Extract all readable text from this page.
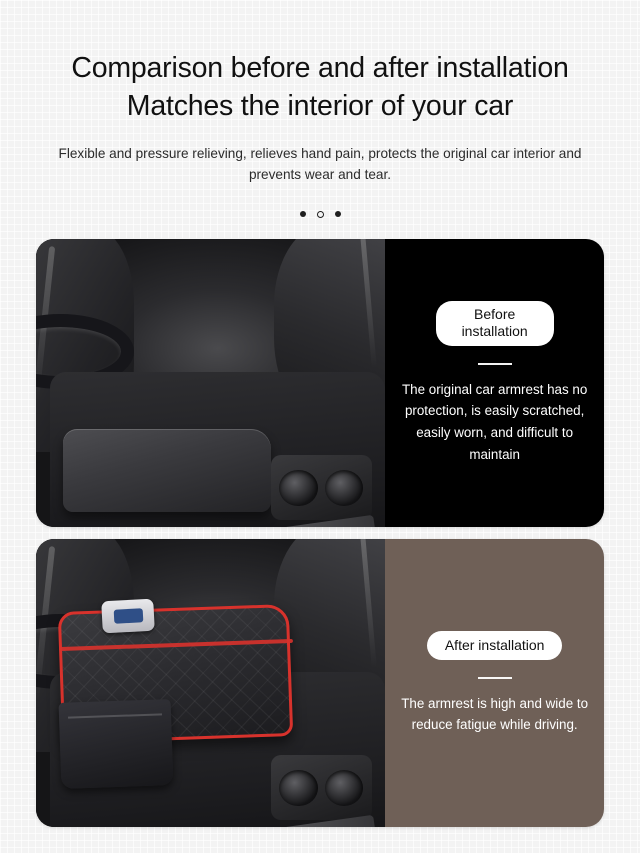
Comparison before and after installation
Matches the interior of your car
Flexible and pressure relieving, relieves hand pain, protects the original car interior and prevents wear and tear.
Before
installation
The original car armrest has no protection, is easily scratched, easily worn, and difficult to maintain
After installation
The armrest is high and wide to reduce fatigue while driving.
